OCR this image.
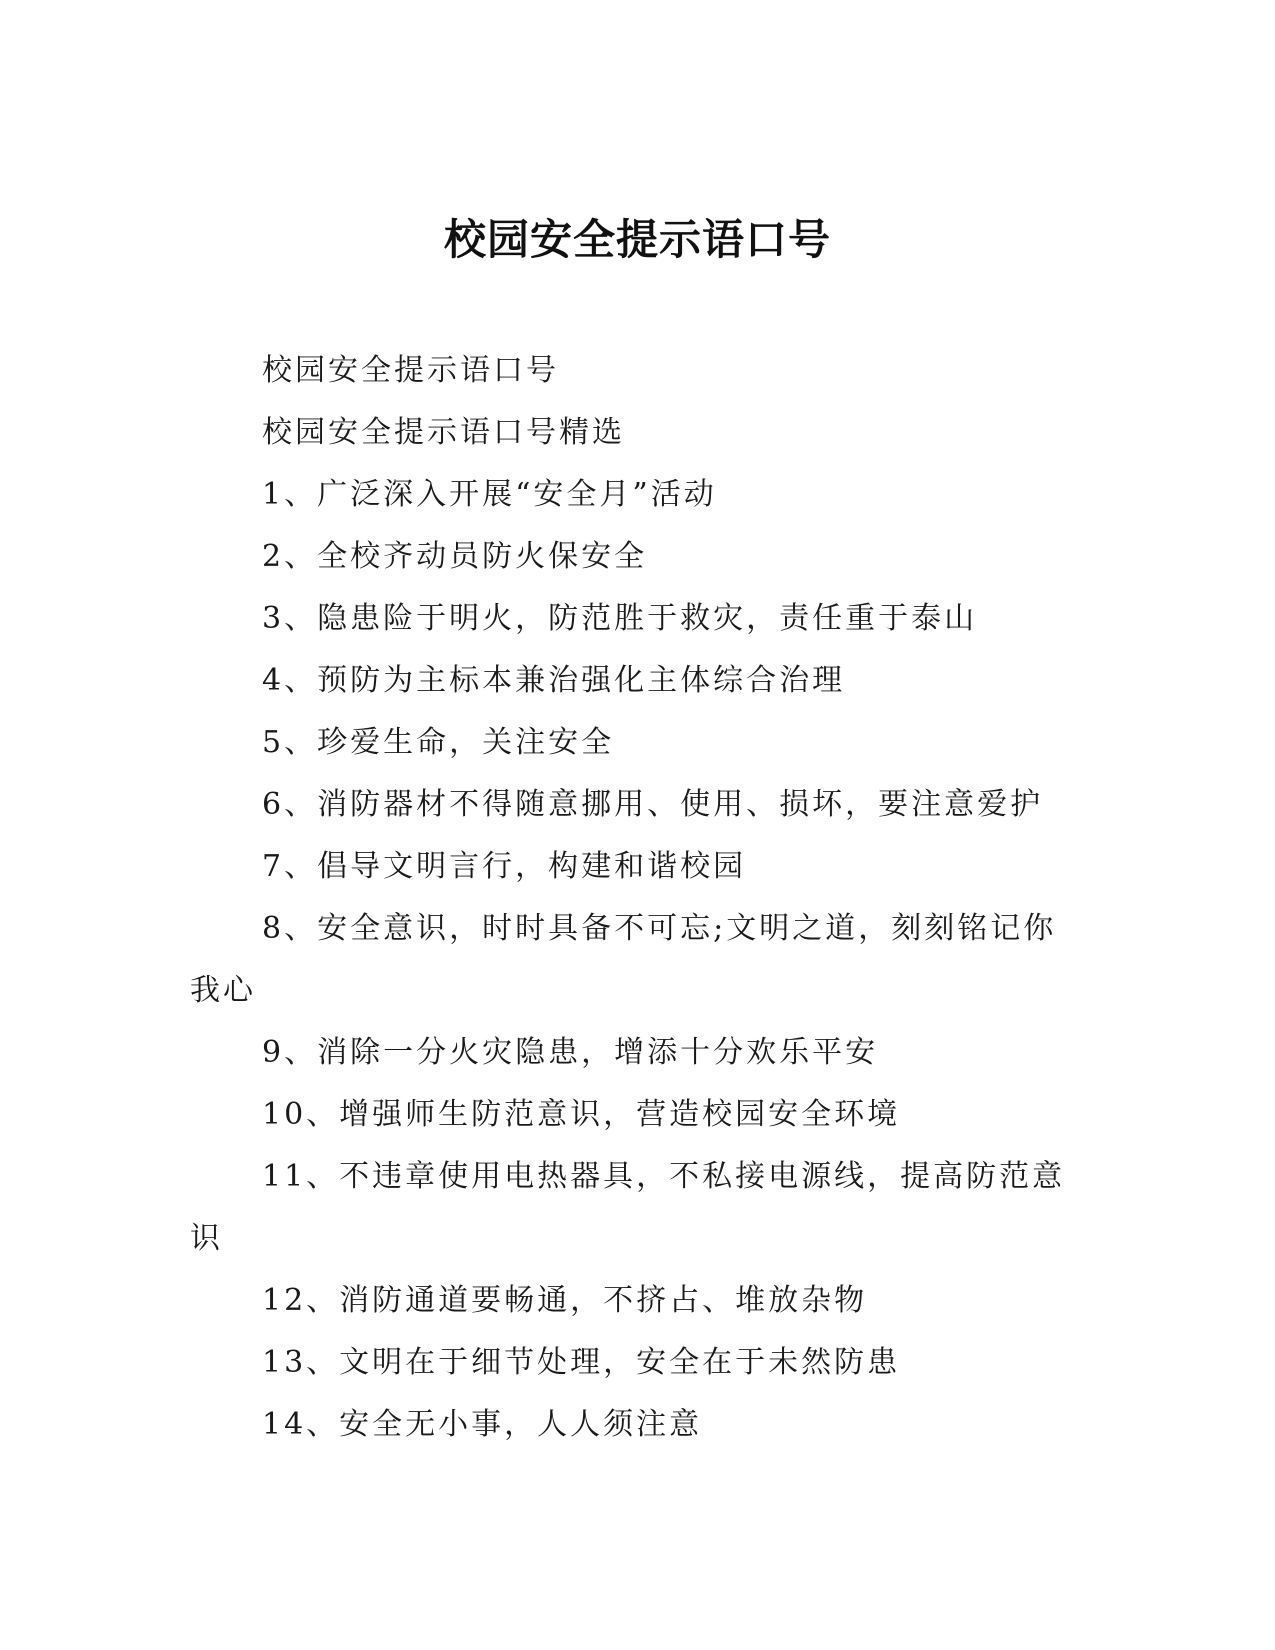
校园安全提示语口号

校园安全提示语口号

校园安全提示语口号精选

1、广泛深入开展“安全月”活动

2、全校齐动员防火保安全

3、隐患险于明火，防范胜于救灾，责任重于泰山

4、预防为主标本兼治强化主体综合治理

5、珍爱生命，关注安全

6、消防器材不得随意挪用、使用、损坏，要注意爱护

7、倡导文明言行，构建和谐校园

8、安全意识，时时具备不可忘;文明之道，刻刻铭记你

我心

9、消除一分火灾隐患，增添十分欢乐平安

10、增强师生防范意识，营造校园安全环境

11、不违章使用电热器具，不私接电源线，提高防范意

识

12、消防通道要畅通，不挤占、堆放杂物

13、文明在于细节处理，安全在于未然防患

14、安全无小事，人人须注意
